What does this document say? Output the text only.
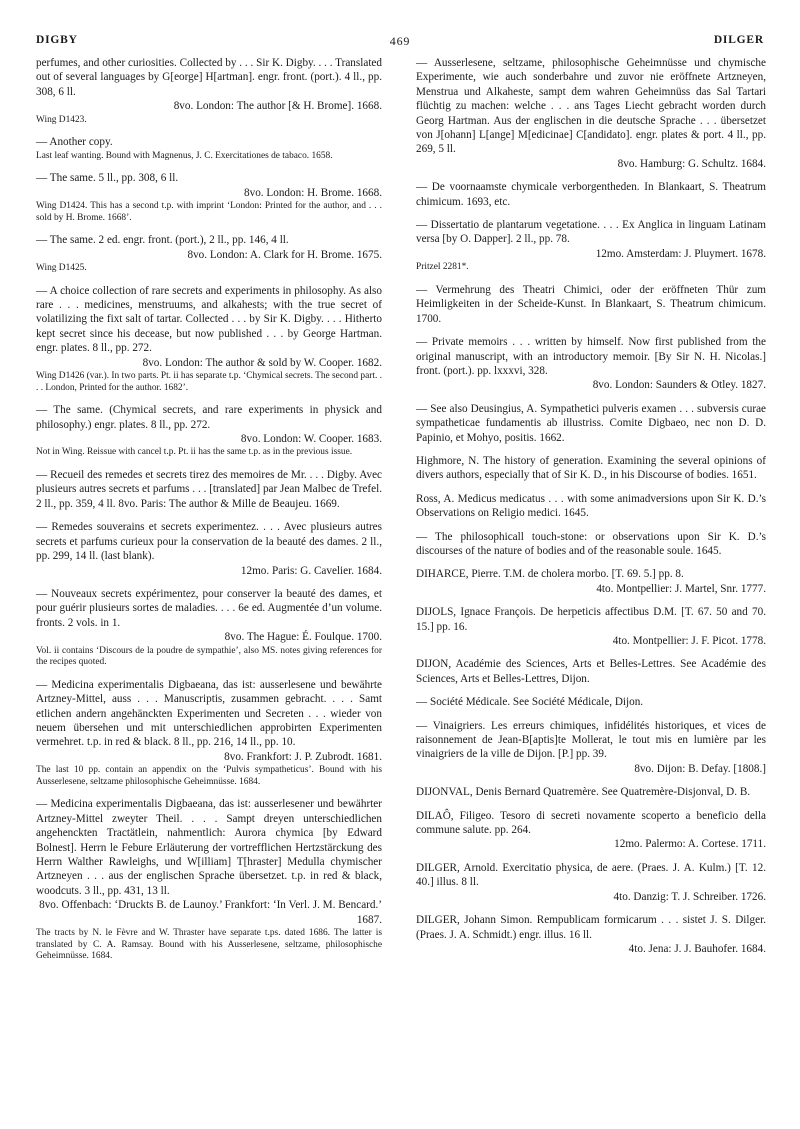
DIGBY	469	DILGER
perfumes, and other curiosities. Collected by . . . Sir K. Digby. . . . Translated out of several languages by G[eorge] H[artman]. engr. front. (port.). 4 ll., pp. 308, 6 ll.
8vo. London: The author [& H. Brome]. 1668.
Wing D1423.
— Another copy.
Last leaf wanting. Bound with Magnenus, J. C. Exercitationes de tabaco. 1658.
— The same. 5 ll., pp. 308, 6 ll.
8vo. London: H. Brome. 1668.
Wing D1424. This has a second t.p. with imprint ‘London: Printed for the author, and . . . sold by H. Brome. 1668’.
— The same. 2 ed. engr. front. (port.), 2 ll., pp. 146, 4 ll.
8vo. London: A. Clark for H. Brome. 1675.
Wing D1425.
— A choice collection of rare secrets and experiments in philosophy. As also rare . . . medicines, menstruums, and alkahests; with the true secret of volatilizing the fixt salt of tartar. Collected . . . by Sir K. Digby. . . . Hitherto kept secret since his decease, but now published . . . by George Hartman. engr. plates. 8 ll., pp. 272.
8vo. London: The author & sold by W. Cooper. 1682.
Wing D1426 (var.). In two parts. Pt. ii has separate t.p. ‘Chymical secrets. The second part. . . . London, Printed for the author. 1682’.
— The same. (Chymical secrets, and rare experiments in physick and philosophy.) engr. plates. 8 ll., pp. 272.
8vo. London: W. Cooper. 1683.
Not in Wing. Reissue with cancel t.p. Pt. ii has the same t.p. as in the previous issue.
— Recueil des remedes et secrets tirez des memoires de Mr. . . . Digby. Avec plusieurs autres secrets et parfums . . . [translated] par Jean Malbec de Trefel. 2 ll., pp. 359, 4 ll. 8vo. Paris: The author & Mille de Beaujeu. 1669.
— Remedes souverains et secrets experimentez. . . . Avec plusieurs autres secrets et parfums curieux pour la conservation de la beauté des dames. 2 ll., pp. 299, 14 ll. (last blank).
12mo. Paris: G. Cavelier. 1684.
— Nouveaux secrets expérimentez, pour conserver la beauté des dames, et pour guérir plusieurs sortes de maladies. . . . 6e ed. Augmentée d’un volume. fronts. 2 vols. in 1.
8vo. The Hague: É. Foulque. 1700.
Vol. ii contains ‘Discours de la poudre de sympathie’, also MS. notes giving references for the recipes quoted.
— Medicina experimentalis Digbaeana, das ist: ausserlesene und bewährte Artzney-Mittel, auss . . . Manuscriptis, zusammen gebracht. . . . Samt etlichen andern angehänckten Experimenten und Secreten . . . wieder von neuem übersehen und mit unterschiedlichen approbirten Experimenten vermehret. t.p. in red & black. 8 ll., pp. 216, 14 ll., pp. 10.
8vo. Frankfort: J. P. Zubrodt. 1681.
The last 10 pp. contain an appendix on the ‘Pulvis sympatheticus’. Bound with his Ausserlesene, seltzame philosophische Geheimnüsse. 1684.
— Medicina experimentalis Digbaeana, das ist: ausserlesener und bewährter Artzney-Mittel zweyter Theil. . . . Sampt dreyen unterschiedlichen angehenckten Tractätlein, nahmentlich: Aurora chymica [by Edward Bolnest]. Herrn le Febure Erläuterung der vortrefflichen Hertzstärckung des Herrn Walther Rawleighs, und W[illiam] T[hraster] Medulla chymischer Artzneyen . . . aus der englischen Sprache übersetzet. t.p. in red & black, woodcuts. 3 ll., pp. 431, 13 ll.
8vo. Offenbach: ‘Druckts B. de Launoy.’ Frankfort: ‘In Verl. J. M. Bencard.’ 1687.
The tracts by N. le Fèvre and W. Thraster have separate t.ps. dated 1686. The latter is translated by C. A. Ramsay. Bound with his Ausserlesene, seltzame, philosophische Geheimnüsse. 1684.
— Ausserlesene, seltzame, philosophische Geheimnüsse und chymische Experimente, wie auch sonderbahre und zuvor nie eröffnete Artzneyen, Menstrua und Alkaheste, sampt dem wahren Geheimnüss das Sal Tartari flüchtig zu machen: welche . . . ans Tages Liecht gebracht worden durch Georg Hartman. Aus der englischen in die deutsche Sprache . . . übersetzet von J[ohann] L[ange] M[edicinae] C[andidato]. engr. plates & port. 4 ll., pp. 269, 5 ll.
8vo. Hamburg: G. Schultz. 1684.
— De voornaamste chymicale verborgentheden. In Blankaart, S. Theatrum chimicum. 1693, etc.
— Dissertatio de plantarum vegetatione. . . . Ex Anglica in linguam Latinam versa [by O. Dapper]. 2 ll., pp. 78.
12mo. Amsterdam: J. Pluymert. 1678.
Pritzel 2281*.
— Vermehrung des Theatri Chimici, oder der eröffneten Thür zum Heimligkeiten in der Scheide-Kunst. In Blankaart, S. Theatrum chimicum. 1700.
— Private memoirs . . . written by himself. Now first published from the original manuscript, with an introductory memoir. [By Sir N. H. Nicolas.] front. (port.). pp. lxxxvi, 328.
8vo. London: Saunders & Otley. 1827.
— See also Deusingius, A. Sympathetici pulveris examen . . . subversis curae sympatheticae fundamentis ab illustriss. Comite Digbaeo, nec non D. D. Papinio, et Mohyo, positis. 1662.
Highmore, N. The history of generation. Examining the several opinions of divers authors, especially that of Sir K. D., in his Discourse of bodies. 1651.
Ross, A. Medicus medicatus . . . with some animadversions upon Sir K. D.’s Observations on Religio medici. 1645.
— The philosophicall touch-stone: or observations upon Sir K. D.’s discourses of the nature of bodies and of the reasonable soule. 1645.
DIHARCE, Pierre. T.M. de cholera morbo. [T. 69. 5.] pp. 8.
4to. Montpellier: J. Martel, Snr. 1777.
DIJOLS, Ignace François. De herpeticis affectibus D.M. [T. 67. 50 and 70. 15.] pp. 16.
4to. Montpellier: J. F. Picot. 1778.
DIJON, Académie des Sciences, Arts et Belles-Lettres. See Académie des Sciences, Arts et Belles-Lettres, Dijon.
— Société Médicale. See Société Médicale, Dijon.
— Vinaigriers. Les erreurs chimiques, infidélités historiques, et vices de raisonnement de Jean-B[aptis]te Mollerat, le tout mis en lumière par les vinaigriers de la ville de Dijon. [P.] pp. 39.
8vo. Dijon: B. Defay. [1808.]
DIJONVAL, Denis Bernard Quatremère. See Quatremère-Disjonval, D. B.
DILAÔ, Filigeo. Tesoro di secreti novamente scoperto a beneficio della commune salute. pp. 264.
12mo. Palermo: A. Cortese. 1711.
DILGER, Arnold. Exercitatio physica, de aere. (Praes. J. A. Kulm.) [T. 12. 40.] illus. 8 ll.
4to. Danzig: T. J. Schreiber. 1726.
DILGER, Johann Simon. Rempublicam formicarum . . . sistet J. S. Dilger. (Praes. J. A. Schmidt.) engr. illus. 16 ll.
4to. Jena: J. J. Bauhofer. 1684.
